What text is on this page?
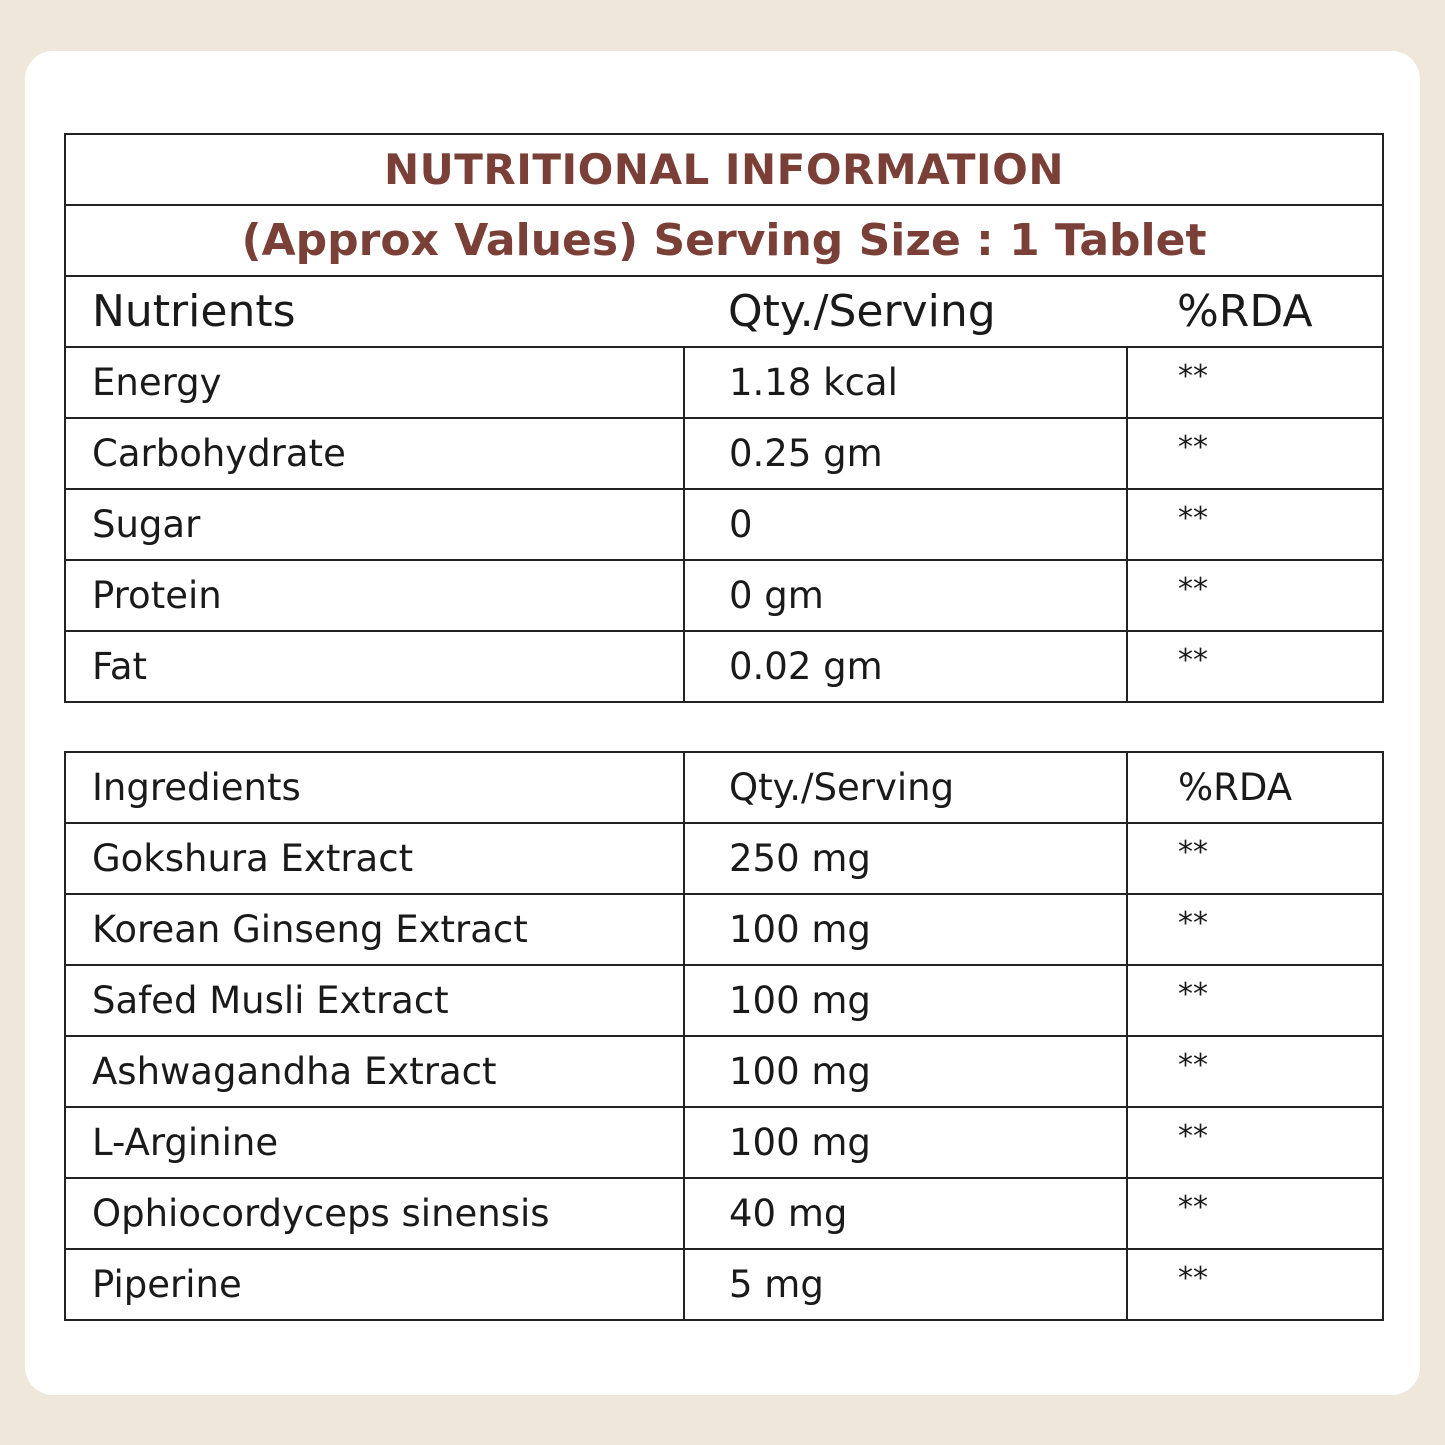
NUTRITIONAL INFORMATION		
(Approx Values) Serving Size : 1 Tablet		
Nutrients	Qty./Serving	%RDA
Energy	1.18 kcal	**
Carbohydrate	0.25 gm	**
Sugar	0	**
Protein	0 gm	**
Fat	0.02 gm	**
Ingredients	Qty./Serving	%RDA
Gokshura Extract	250 mg	**
Korean Ginseng Extract	100 mg	**
Safed Musli Extract	100 mg	**
Ashwagandha Extract	100 mg	**
L-Arginine	100 mg	**
Ophiocordyceps sinensis	40 mg	**
Piperine	5 mg	**
